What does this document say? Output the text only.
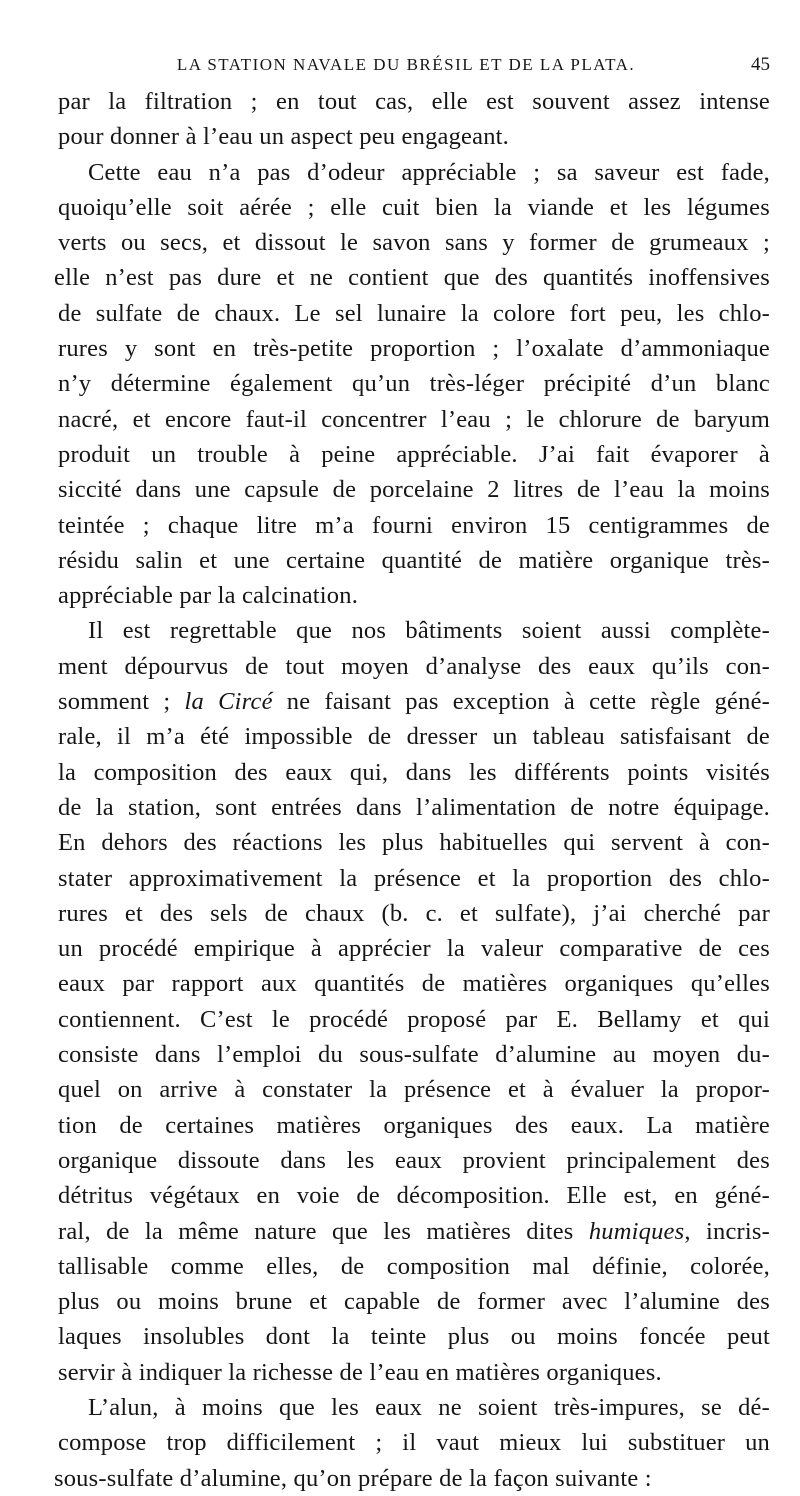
LA STATION NAVALE DU BRÉSIL ET DE LA PLATA.	45
par la filtration ; en tout cas, elle est souvent assez intense
pour donner à l’eau un aspect peu engageant.
Cette eau n’a pas d’odeur appréciable ; sa saveur est fade,
quoiqu’elle soit aérée ; elle cuit bien la viande et les légumes
verts ou secs, et dissout le savon sans y former de grumeaux ;
elle n’est pas dure et ne contient que des quantités inoffensives
de sulfate de chaux. Le sel lunaire la colore fort peu, les chlo-
rures y sont en très-petite proportion ; l’oxalate d’ammoniaque
n’y détermine également qu’un très-léger précipité d’un blanc
nacré, et encore faut-il concentrer l’eau ; le chlorure de baryum
produit un trouble à peine appréciable. J’ai fait évaporer à
siccité dans une capsule de porcelaine 2 litres de l’eau la moins
teintée ; chaque litre m’a fourni environ 15 centigrammes de
résidu salin et une certaine quantité de matière organique très-
appréciable par la calcination.
Il est regrettable que nos bâtiments soient aussi complète-
ment dépourvus de tout moyen d’analyse des eaux qu’ils con-
somment ; la Circé ne faisant pas exception à cette règle géné-
rale, il m’a été impossible de dresser un tableau satisfaisant de
la composition des eaux qui, dans les différents points visités
de la station, sont entrées dans l’alimentation de notre équipage.
En dehors des réactions les plus habituelles qui servent à con-
stater approximativement la présence et la proportion des chlo-
rures et des sels de chaux (b. c. et sulfate), j’ai cherché par
un procédé empirique à apprécier la valeur comparative de ces
eaux par rapport aux quantités de matières organiques qu’elles
contiennent. C’est le procédé proposé par E. Bellamy et qui
consiste dans l’emploi du sous-sulfate d’alumine au moyen du-
quel on arrive à constater la présence et à évaluer la propor-
tion de certaines matières organiques des eaux. La matière
organique dissoute dans les eaux provient principalement des
détritus végétaux en voie de décomposition. Elle est, en géné-
ral, de la même nature que les matières dites humiques, incris-
tallisable comme elles, de composition mal définie, colorée,
plus ou moins brune et capable de former avec l’alumine des
laques insolubles dont la teinte plus ou moins foncée peut
servir à indiquer la richesse de l’eau en matières organiques.
L’alun, à moins que les eaux ne soient très-impures, se dé-
compose trop difficilement ; il vaut mieux lui substituer un
sous-sulfate d’alumine, qu’on prépare de la façon suivante :
